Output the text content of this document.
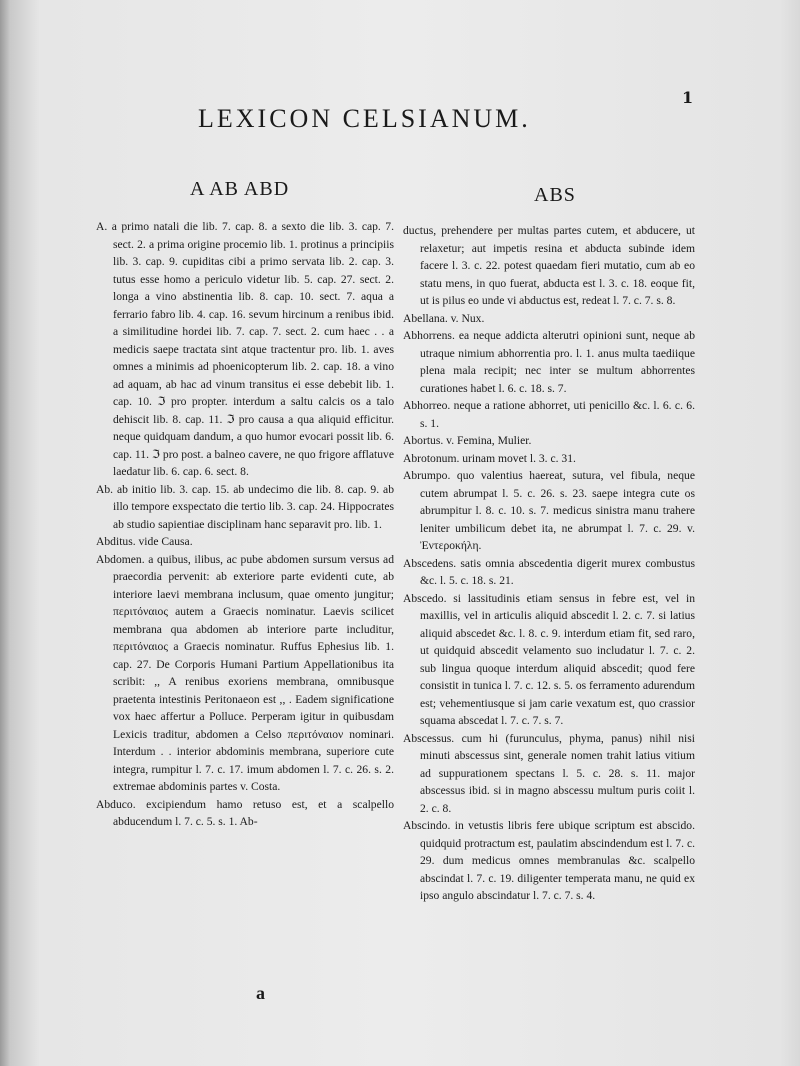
1
LEXICON CELSIANUM.
A AB ABD	ABS

A. a primo natali die lib. 7. cap. 8. a sexto die lib. 3. cap. 7. sect. 2. a prima origine procemio lib. 1. protinus a principiis lib. 3. cap. 9. cupiditas cibi a primo servata lib. 2. cap. 3. tutus esse homo a periculo videtur lib. 5. cap. 27. sect. 2. longa a vino abstinentia lib. 8. cap. 10. sect. 7. aqua a ferrario fabro lib. 4. cap. 16. sevum hircinum a renibus ibid. a similitudine hordei lib. 7. cap. 7. sect. 2. cum haec . . a medicis saepe tractata sint atque tractentur pro. lib. 1. aves omnes a minimis ad phoenicopterum lib. 2. cap. 18. a vino ad aquam, ab hac ad vinum transitus ei esse debebit lib. 1. cap. 10. ℑ pro propter. interdum a saltu calcis os a talo dehiscit lib. 8. cap. 11. ℑ pro causa a qua aliquid efficitur. neque quidquam dandum, a quo humor evocari possit lib. 6. cap. 11. ℑ pro post. a balneo cavere, ne quo frigore afflatuve laedatur lib. 6. cap. 6. sect. 8.

Ab. ab initio lib. 3. cap. 15. ab undecimo die lib. 8. cap. 9. ab illo tempore exspectato die tertio lib. 3. cap. 24. Hippocrates ab studio sapientiae disciplinam hanc separavit pro. lib. 1.

Abditus. vide Causa.

Abdomen. a quibus, ilibus, ac pube abdomen sursum versus ad praecordia pervenit: ab exteriore parte evidenti cute, ab interiore laevi membrana inclusum, quae omento jungitur; περιτόναιος autem a Graecis nominatur. Laevis scilicet membrana qua abdomen ab interiore parte includitur, περιτόναιος a Graecis nominatur. Ruffus Ephesius lib. 1. cap. 27. De Corporis Humani Partium Appellationibus ita scribit: ,, A renibus exoriens membrana, omnibusque praetenta intestinis Peritonaeon est ,, . Eadem significatione vox haec affertur a Polluce. Perperam igitur in quibusdam Lexicis traditur, abdomen a Celso περιτόναιον nominari. Interdum . . interior abdominis membrana, superiore cute integra, rumpitur l. 7. c. 17. imum abdomen l. 7. c. 26. s. 2. extremae abdominis partes v. Costa.

Abduco. excipiendum hamo retuso est, et a scalpello abducendum l. 7. c. 5. s. 1. Ab-

ductus, prehendere per multas partes cutem, et abducere, ut relaxetur; aut impetis resina et abducta subinde idem facere l. 3. c. 22. potest quaedam fieri mutatio, cum ab eo statu mens, in quo fuerat, abducta est l. 3. c. 18. eoque fit, ut is pilus eo unde vi abductus est, redeat l. 7. c. 7. s. 8.

Abellana. v. Nux.

Abhorrens. ea neque addicta alterutri opinioni sunt, neque ab utraque nimium abhorrentia pro. l. 1. anus multa taediique plena mala recipit; nec inter se multum abhorrentes curationes habet l. 6. c. 18. s. 7.

Abhorreo. neque a ratione abhorret, uti penicillo &c. l. 6. c. 6. s. 1.

Abortus. v. Femina, Mulier.

Abrotonum. urinam movet l. 3. c. 31.

Abrumpo. quo valentius haereat, sutura, vel fibula, neque cutem abrumpat l. 5. c. 26. s. 23. saepe integra cute os abrumpitur l. 8. c. 10. s. 7. medicus sinistra manu trahere leniter umbilicum debet ita, ne abrumpat l. 7. c. 29. v. Ἐντεροκήλη.

Abscedens. satis omnia abscedentia digerit murex combustus &c. l. 5. c. 18. s. 21.

Abscedo. si lassitudinis etiam sensus in febre est, vel in maxillis, vel in articulis aliquid abscedit l. 2. c. 7. si latius aliquid abscedet &c. l. 8. c. 9. interdum etiam fit, sed raro, ut quidquid abscedit velamento suo includatur l. 7. c. 2. sub lingua quoque interdum aliquid abscedit; quod fere consistit in tunica l. 7. c. 12. s. 5. os ferramento adurendum est; vehementiusque si jam carie vexatum est, quo crassior squama abscedat l. 7. c. 7. s. 7.

Abscessus. cum hi (furunculus, phyma, panus) nihil nisi minuti abscessus sint, generale nomen trahit latius vitium ad suppurationem spectans l. 5. c. 28. s. 11. major abscessus ibid. si in magno abscessu multum puris coiit l. 2. c. 8.

Abscindo. in vetustis libris fere ubique scriptum est abscido. quidquid protractum est, paulatim abscindendum est l. 7. c. 29. dum medicus omnes membranulas &c. scalpello abscindat l. 7. c. 19. diligenter temperata manu, ne quid ex ipso angulo abscindatur l. 7. c. 7. s. 4.

a
